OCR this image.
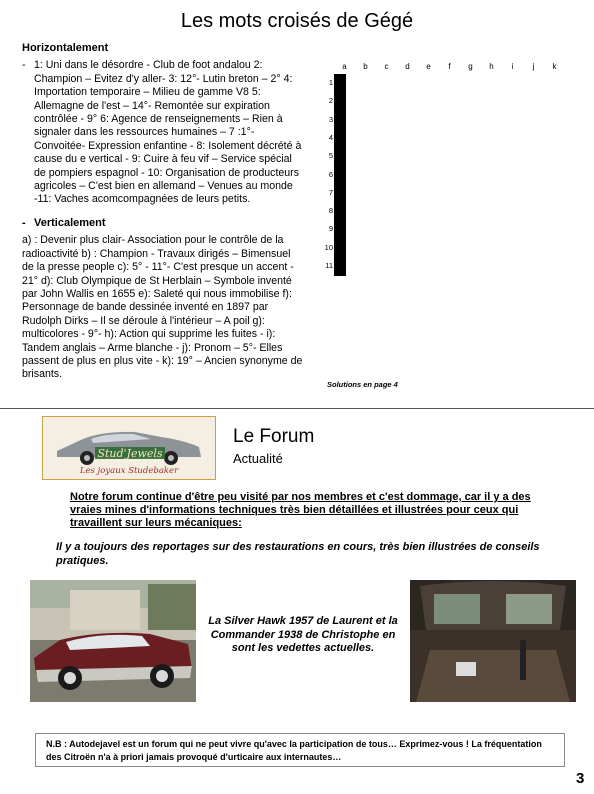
Les mots croisés de Gégé
Horizontalement
- 1: Uni dans le désordre - Club de foot andalou 2: Champion – Evitez d'y aller- 3: 12°- Lutin breton – 2° 4: Importation temporaire – Milieu de gamme V8 5: Allemagne de l'est – 14°- Remontée sur expiration contrôlée - 9° 6: Agence de renseignements – Rien à signaler dans les ressources humaines – 7 :1°- Convoitée- Expression enfantine - 8: Isolement décrété à cause du e vertical - 9: Cuire à feu vif – Service spécial de pompiers espagnol - 10: Organisation de producteurs agricoles – C'est bien en allemand – Venues au monde -11: Vaches acomcompagnées de leurs petits.
- Verticalement
a) : Devenir plus clair- Association pour le contrôle de la radioactivité b) : Champion - Travaux dirigés – Bimensuel de la presse people c): 5° - 11°- C'est presque un accent - 21° d): Club Olympique de St Herblain – Symbole inventé par John Wallis en 1655 e): Saleté qui nous immobilise f): Personnage de bande dessinée inventé en 1897 par Rudolph Dirks – Il se déroule à l'intérieur – A poil g): multicolores - 9°- h): Action qui supprime les fuites - i): Tandem anglais – Arme blanche - j): Pronom – 5°- Elles passent de plus en plus vite - k): 19° – Ancien synonyme de brisants.
a	b	c	d	e	f	g	h	i	j	k
1
2
3
4
5
6
7
8
9
10
11

Solutions en page 4
Stud'Jewels
Les joyaux Studebaker
Le Forum
Actualité
Notre forum continue d'être peu visité par nos membres et c'est dommage, car il y a des vraies mines d'informations techniques très bien détaillées et illustrées pour ceux qui travaillent sur leurs mécaniques:
Il y a toujours des reportages sur des restaurations en cours, très bien illustrées de conseils pratiques.
La Silver Hawk 1957 de Laurent et la Commander 1938 de Christophe en sont les vedettes actuelles.
N.B : Autodejavel est un forum qui ne peut vivre qu'avec la participation de tous… Exprimez-vous ! La fréquentation des Citroën n'a à priori jamais provoqué d'urticaire aux internautes…
3
